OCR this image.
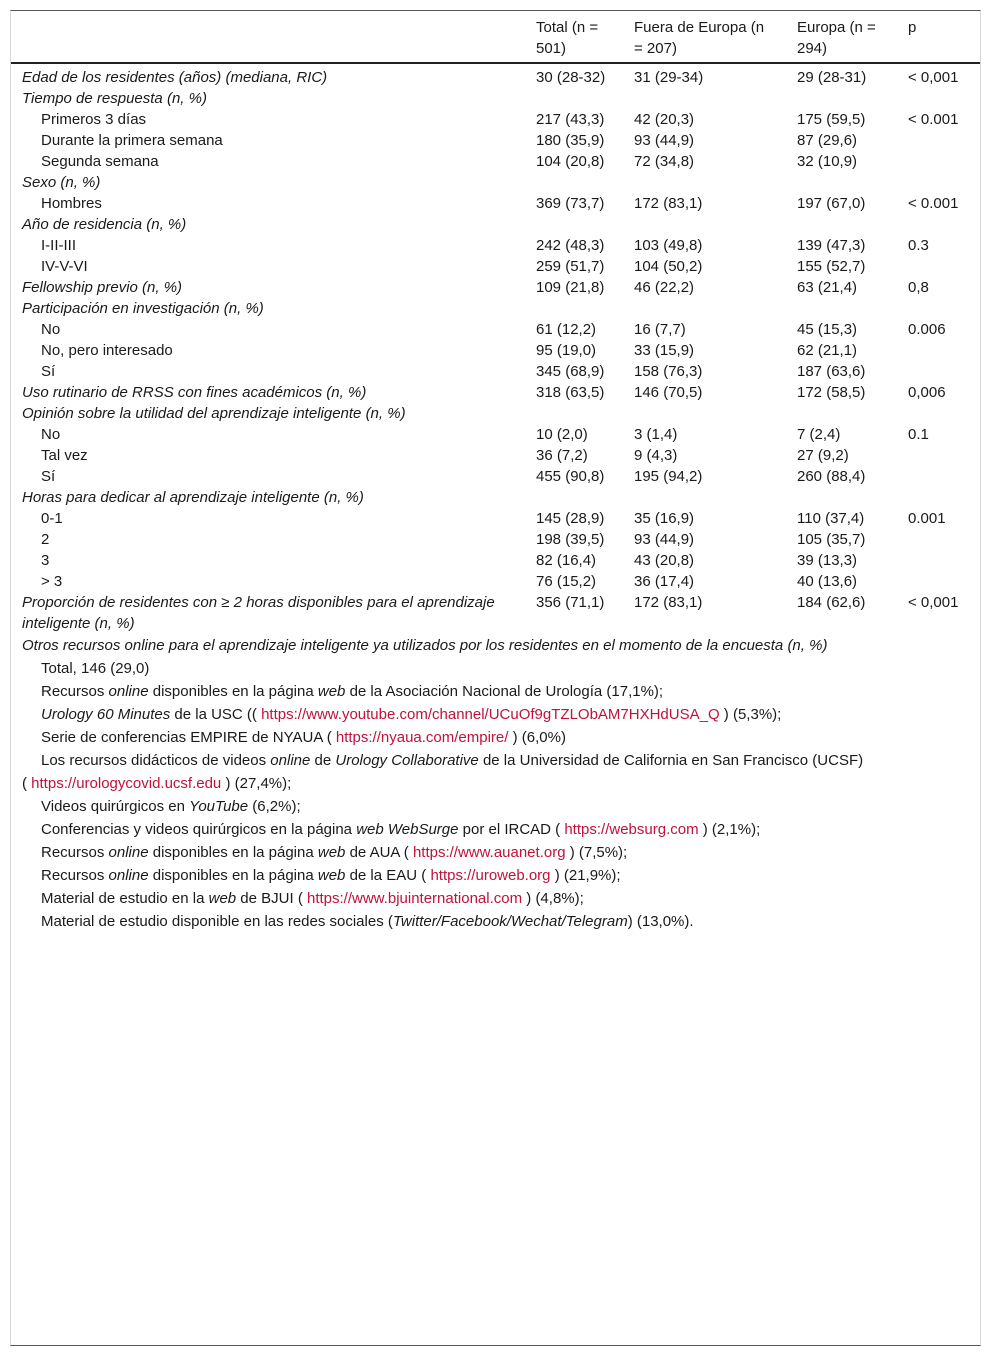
	Total (n = 501)	Fuera de Europa (n = 207)	Europa (n = 294)	p
Edad de los residentes (años) (mediana, RIC)	30 (28-32)	31 (29-34)	29 (28-31)	< 0,001
Tiempo de respuesta (n, %)				
Primeros 3 días	217 (43,3)	42 (20,3)	175 (59,5)	< 0.001
Durante la primera semana	180 (35,9)	93 (44,9)	87 (29,6)	
Segunda semana	104 (20,8)	72 (34,8)	32 (10,9)	
Sexo (n, %)				
Hombres	369 (73,7)	172 (83,1)	197 (67,0)	< 0.001
Año de residencia (n, %)				
I-II-III	242 (48,3)	103 (49,8)	139 (47,3)	0.3
IV-V-VI	259 (51,7)	104 (50,2)	155 (52,7)	
Fellowship previo (n, %)	109 (21,8)	46 (22,2)	63 (21,4)	0,8
Participación en investigación (n, %)				
No	61 (12,2)	16 (7,7)	45 (15,3)	0.006
No, pero interesado	95 (19,0)	33 (15,9)	62 (21,1)	
Sí	345 (68,9)	158 (76,3)	187 (63,6)	
Uso rutinario de RRSS con fines académicos (n, %)	318 (63,5)	146 (70,5)	172 (58,5)	0,006
Opinión sobre la utilidad del aprendizaje inteligente (n, %)				
No	10 (2,0)	3 (1,4)	7 (2,4)	0.1
Tal vez	36 (7,2)	9 (4,3)	27 (9,2)	
Sí	455 (90,8)	195 (94,2)	260 (88,4)	
Horas para dedicar al aprendizaje inteligente (n, %)				
0-1	145 (28,9)	35 (16,9)	110 (37,4)	0.001
2	198 (39,5)	93 (44,9)	105 (35,7)	
3	82 (16,4)	43 (20,8)	39 (13,3)	
> 3	76 (15,2)	36 (17,4)	40 (13,6)	
Proporción de residentes con ≥ 2 horas disponibles para el aprendizaje inteligente (n, %)	356 (71,1)	172 (83,1)	184 (62,6)	< 0,001
Otros recursos online para el aprendizaje inteligente ya utilizados por los residentes en el momento de la encuesta (n, %)
Total, 146 (29,0)
Recursos online disponibles en la página web de la Asociación Nacional de Urología (17,1%);
Urology 60 Minutes de la USC (( https://www.youtube.com/channel/UCuOf9gTZLObAM7HXHdUSA_Q ) (5,3%);
Serie de conferencias EMPIRE de NYAUA ( https://nyaua.com/empire/ ) (6,0%)
Los recursos didácticos de videos online de Urology Collaborative de la Universidad de California en San Francisco (UCSF)
( https://urologycovid.ucsf.edu ) (27,4%);
Videos quirúrgicos en YouTube (6,2%);
Conferencias y videos quirúrgicos en la página web WebSurge por el IRCAD ( https://websurg.com ) (2,1%);
Recursos online disponibles en la página web de AUA ( https://www.auanet.org ) (7,5%);
Recursos online disponibles en la página web de la EAU ( https://uroweb.org ) (21,9%);
Material de estudio en la web de BJUI ( https://www.bjuinternational.com ) (4,8%);
Material de estudio disponible en las redes sociales (Twitter/Facebook/Wechat/Telegram) (13,0%).
